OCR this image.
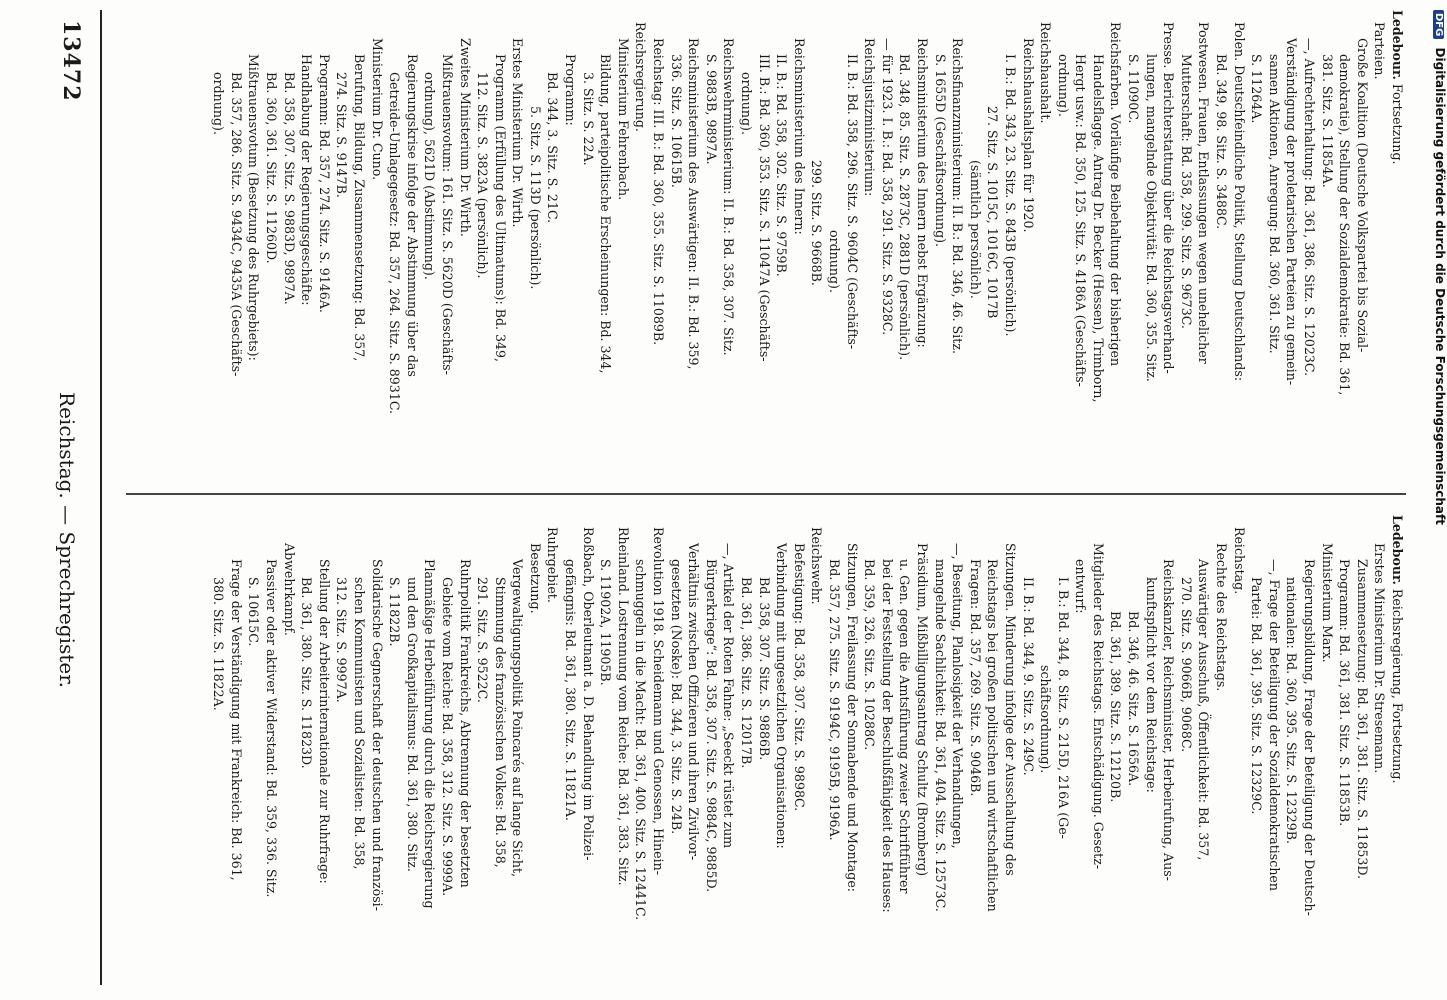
Ledebour. Fortsetzung.
Parteien.
Große Koalition (Deutsche Volkspartei bis Sozial-
demokratie), Stellung der Sozialdemokratie: Bd. 361,
381. Sitz. S. 11854A.
—, Aufrechterhaltung: Bd. 361, 386. Sitz. S. 12023C.
Verständigung der proletarischen Parteien zu gemein-
samen Aktionen, Anregung: Bd. 360, 361. Sitz.
S. 11264A.
Polen. Deutschfeindliche Politik, Stellung Deutschlands:
Bd. 349, 98. Sitz. S. 3488C.
Postwesen. Frauen, Entlassungen wegen unehelicher
Mutterschaft: Bd. 358, 299. Sitz. S. 9673C.
Presse. Berichterstattung über die Reichstagsverhand-
lungen, mangelnde Objektivität: Bd. 360, 355. Sitz.
S. 11090C.
Reichsfarben. Vorläufige Beibehaltung der bisherigen
Handelsflagge. Antrag Dr. Becker (Hessen), Trimborn,
Hergt usw.: Bd. 350, 125. Sitz. S. 4186A (Geschäfts-
ordnung).
Reichshaushalt.
Reichshaushaltsplan für 1920.
I. B.: Bd. 343, 23. Sitz. S. 843B (persönlich).
27. Sitz. S. 1015C, 1016C, 1017B
(sämtlich persönlich).
Reichsfinanzministerium: II. B.: Bd. 346, 46. Sitz.
S. 1655D (Geschäftsordnung).
Reichsministerium des Innern nebst Ergänzung:
Bd. 348, 85. Sitz. S. 2873C, 2881D (persönlich).
— für 1923. I. B.: Bd. 358, 291. Sitz. S. 9328C.
Reichsjustizministerium:
II. B.: Bd. 358, 296. Sitz. S. 9604C (Geschäfts-
ordnung).
299. Sitz. S. 9668B.
Reichsministerium des Innern:
II. B.: Bd. 358, 302. Sitz. S. 9759B.
III. B.: Bd. 360, 353. Sitz. S. 11047A (Geschäfts-
ordnung).
Reichswehrministerium: II. B.: Bd. 358, 307. Sitz.
S. 9883B, 9897A.
Reichsministerium des Auswärtigen: II. B.: Bd. 359,
336. Sitz. S. 10615B.
Reichstag: III. B.: Bd. 360, 355. Sitz. S. 11089B.
Reichsregierung.
Ministerium Fehrenbach.
Bildung, parteipolitische Erscheinungen: Bd. 344,
3. Sitz. S. 22A.
Programm:
Bd. 344, 3. Sitz. S. 21C.
5. Sitz. S. 113D (persönlich).
Erstes Ministerium Dr. Wirth.
Programm (Erfüllung des Ultimatums): Bd. 349,
112. Sitz. S. 3823A (persönlich).
Zweites Ministerium Dr. Wirth.
Mißtrauensvotum: 161. Sitz. S. 5620D (Geschäfts-
ordnung), 5621D (Abstimmung).
Regierungskrise infolge der Abstimmung über das
Getreide-Umlagegesetz: Bd. 357, 264. Sitz. S. 8931C.
Ministerium Dr. Cuno.
Berufung, Bildung, Zusammensetzung: Bd. 357,
274. Sitz. S. 9147B.
Programm: Bd. 357, 274. Sitz. S. 9146A.
Handhabung der Regierungsgeschäfte:
Bd. 358, 307. Sitz. S. 9883D, 9897A.
Bd. 360, 361. Sitz. S. 11260D.
Mißtrauensvotum (Besetzung des Ruhrgebiets):
Bd. 357, 286. Sitz. S. 9434C, 9435A (Geschäfts-
ordnung).
Ledebour. Reichsregierung, Fortsetzung.
Erstes Ministerium Dr. Stresemann.
Zusammensetzung: Bd. 361, 381. Sitz. S. 11853D.
Programm: Bd. 361, 381. Sitz. S. 11853B.
Ministerium Marx.
Regierungsbildung, Frage der Beteiligung der Deutsch-
nationalen: Bd. 360, 395. Sitz. S. 12329B.
—, Frage der Beteiligung der Sozialdemokratischen
Partei: Bd. 361, 395. Sitz. S. 12329C.
Reichstag.
Rechte des Reichstags.
Auswärtiger Ausschuß, Öffentlichkeit: Bd. 357,
270. Sitz. S. 9066B, 9068C.
Reichskanzler, Reichsminister, Herbeirufung, Aus-
kunftspflicht vor dem Reichstage:
Bd. 346, 46. Sitz. S. 1656A.
Bd. 361, 389. Sitz. S. 12120B.
Mitglieder des Reichstags. Entschädigung. Gesetz-
entwurf:
I. B.: Bd. 344, 8. Sitz. S. 215D, 216A (Ge-
schäftsordnung).
II. B.: Bd. 344, 9. Sitz. S. 249C.
Sitzungen. Minderung infolge der Ausschaltung des
Reichstags bei großen politischen und wirtschaftlichen
Fragen: Bd. 357, 269. Sitz. S. 9046B.
—, Beseitung, Planlosigkeit der Verhandlungen,
mangelnde Sachlichkeit: Bd. 361, 404. Sitz. S. 12573C.
Präsidium, Mißbilligungsantrag Schultz (Bromberg)
u. Gen. gegen die Amtsführung zweier Schriftführer
bei der Feststellung der Beschlußfähigkeit des Hauses:
Bd. 359, 326. Sitz. S. 10288C.
Sitzungen, Freilassung der Sonnabende und Montage:
Bd. 357, 275. Sitz. S. 9194C, 9195B, 9196A.
Reichswehr.
Befestigung: Bd. 358, 307. Sitz. S. 9898C.
Verbindung mit ungesetzlichen Organisationen:
Bd. 358, 307. Sitz. S. 9886B.
Bd. 361, 386. Sitz. S. 12017B.
—, Artikel der Roten Fahne: „Seeckt rüstet zum
Bürgerkriege“: Bd. 358, 307. Sitz. S. 9884C, 9885D.
Verhältnis zwischen Offizieren und ihren Zivilvor-
gesetzten (Noske): Bd. 344, 3. Sitz. S. 24B.
Revolution 1918. Scheidemann und Genossen, Hinein-
schmuggeln in die Macht: Bd. 361, 400. Sitz. S. 12441C.
Rheinland. Lostrennung vom Reiche: Bd. 361, 383. Sitz.
S. 11902A, 11905B.
Roßbach, Oberleutnant a. D. Behandlung im Polizei-
gefängnis: Bd. 361, 380. Sitz. S. 11821A.
Ruhrgebiet.
Besetzung.
Vergewaltigungspolitik Poincarés auf lange Sicht,
Stimmung des französischen Volkes: Bd. 358,
291. Sitz. S. 9522C.
Ruhrpolitik Frankreichs, Abtrennung der besetzten
Gebiete vom Reiche: Bd. 358, 312. Sitz. S. 9999A.
Planmäßige Herbeiführung durch die Reichsregierung
und den Großkapitalismus: Bd. 361, 380. Sitz.
S. 11822B.
Solidarische Gegnerschaft der deutschen und französi-
schen Kommunisten und Sozialisten: Bd. 358,
312. Sitz. S. 9997A.
Stellung der Arbeiterinternationale zur Ruhrfrage:
Bd. 361, 380. Sitz. S. 11823D.
Abwehrkampf.
Passiver oder aktiver Widerstand: Bd. 359, 336. Sitz.
S. 10615C.
Frage der Verständigung mit Frankreich: Bd. 361,
380. Sitz. S. 11822A.
13472
Reichstag. — Sprechregister.
DFG Digitalisierung gefördert durch die Deutsche Forschungsgemeinschaft
